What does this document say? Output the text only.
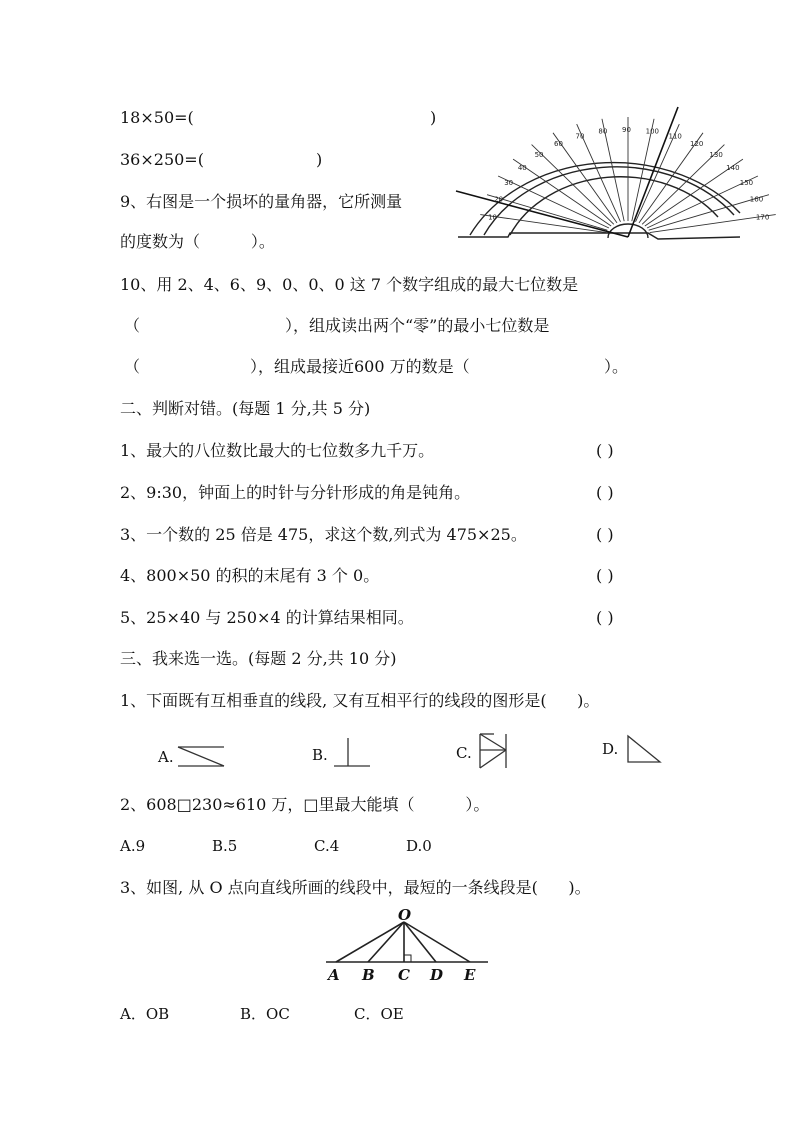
18×50=(	)
36×250=(	)
10
20
30
40
50
60
70
80 90 100
110
120
130
140
150
160
170
9、右图是一个损坏的量角器，它所测量
的度数为（          ）。
10、用 2、4、6、9、0、0、0 这 7 个数字组成的最大七位数是
（	），组成读出两个“零”的最小七位数是
（	），组成最接近600 万的数是（	）。
二、判断对错。(每题 1 分,共 5 分)
1、最大的八位数比最大的七位数多九千万。	( )
2、9:30，钟面上的时针与分针形成的角是钝角。	( )
3、一个数的 25 倍是 475，求这个数,列式为 475×25。	( )
4、800×50 的积的末尾有 3 个 0。	( )
5、25×40 与 250×4 的计算结果相同。	( )
三、我来选一选。(每题 2 分,共 10 分)
1、下面既有互相垂直的线段, 又有互相平行的线段的图形是(      )。
A.	B.	C.	D.
2、608□230≈610 万，□里最大能填（          ）。
A.9	B.5	C.4	D.0
3、如图, 从 O 点向直线所画的线段中，最短的一条线段是(      )。
O
A B C D E
A．OB	B．OC	C．OE
